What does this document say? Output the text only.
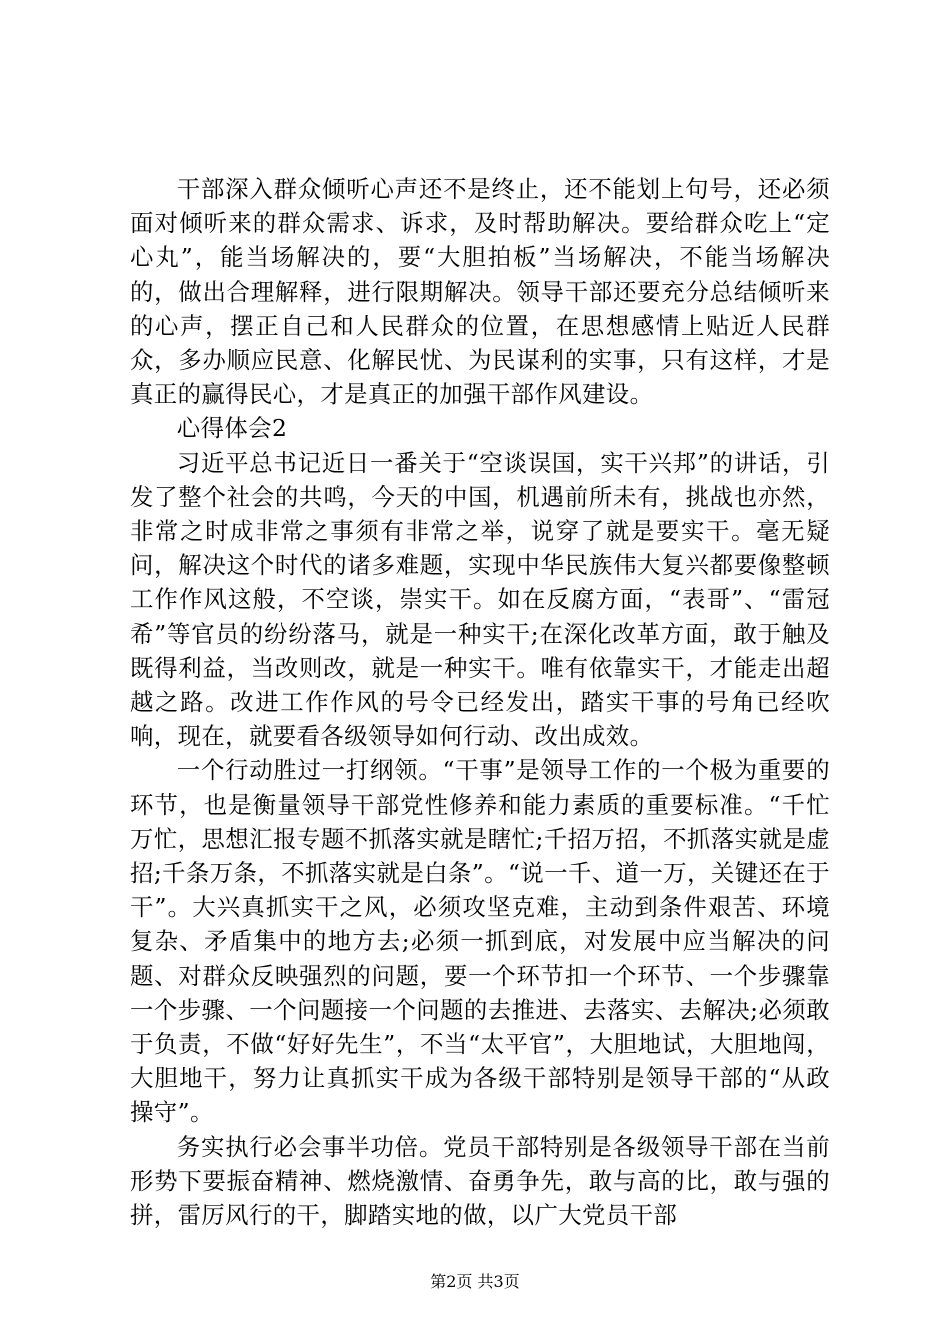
干部深入群众倾听心声还不是终止，还不能划上句号，还必须面对倾听来的群众需求、诉求，及时帮助解决。要给群众吃上“定心丸”，能当场解决的，要“大胆拍板”当场解决，不能当场解决的，做出合理解释，进行限期解决。领导干部还要充分总结倾听来的心声，摆正自己和人民群众的位置，在思想感情上贴近人民群众，多办顺应民意、化解民忧、为民谋利的实事，只有这样，才是真正的赢得民心，才是真正的加强干部作风建设。

心得体会2

习近平总书记近日一番关于“空谈误国，实干兴邦”的讲话，引发了整个社会的共鸣，今天的中国，机遇前所未有，挑战也亦然，非常之时成非常之事须有非常之举，说穿了就是要实干。毫无疑问，解决这个时代的诸多难题，实现中华民族伟大复兴都要像整顿工作作风这般，不空谈，崇实干。如在反腐方面，“表哥”、“雷冠希”等官员的纷纷落马，就是一种实干;在深化改革方面，敢于触及既得利益，当改则改，就是一种实干。唯有依靠实干，才能走出超越之路。改进工作作风的号令已经发出，踏实干事的号角已经吹响，现在，就要看各级领导如何行动、改出成效。

一个行动胜过一打纲领。“干事”是领导工作的一个极为重要的环节，也是衡量领导干部党性修养和能力素质的重要标准。“千忙万忙，思想汇报专题不抓落实就是瞎忙;千招万招，不抓落实就是虚招;千条万条，不抓落实就是白条”。“说一千、道一万，关键还在于干”。大兴真抓实干之风，必须攻坚克难，主动到条件艰苦、环境复杂、矛盾集中的地方去;必须一抓到底，对发展中应当解决的问题、对群众反映强烈的问题，要一个环节扣一个环节、一个步骤靠一个步骤、一个问题接一个问题的去推进、去落实、去解决;必须敢于负责，不做“好好先生”，不当“太平官”，大胆地试，大胆地闯，大胆地干，努力让真抓实干成为各级干部特别是领导干部的“从政操守”。

务实执行必会事半功倍。党员干部特别是各级领导干部在当前形势下要振奋精神、燃烧激情、奋勇争先，敢与高的比，敢与强的拼，雷厉风行的干，脚踏实地的做，以广大党员干部

第2页 共3页
